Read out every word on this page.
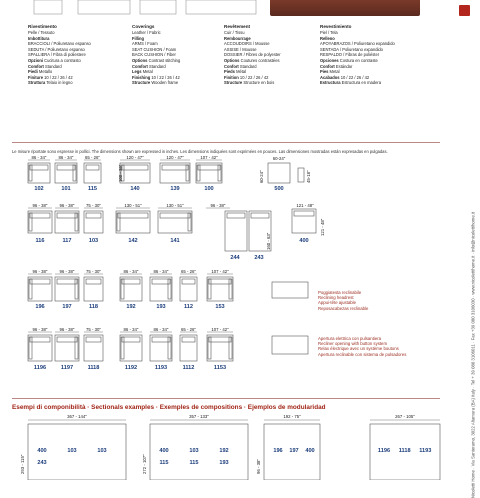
Rivestimento
Pelle / Tessuto
Imbottitura
BRACCIOLI / Poliuretano espanso
SEDUTA / Poliuretano espanso
SPALLIERA / Fibra di poliestere
Opzioni Cucitura a contrasto
Comfort Standard
Piedi Metallo
Finiture 10 / 22 / 26 / 42
Struttura Telaio in legno
Coverings
Leather / Fabric
Filling
ARMS / Foam
SEAT CUSHION / Foam
BACK CUSHION / Fiber
Options Contrast stitching
Comfort Standard
Legs Metal
Finishing 10 / 22 / 26 / 42
Structure Wooden frame
Revêtement
Cuir / Tissu
Rembourrage
ACCOUDOIRS / Mousse
ASSISE / Mousse
DOSSIER / Fibres de polyester
Options Coutures contrastées
Confort Standard
Pieds Métal
Finition 10 / 22 / 26 / 42
Structure Structure en bois
Revestimiento
Piel / Tela
Relleno
APOYABRAZOS / Poliuretano expandido
SENTADA / Poliuretano expandido
RESPALDO / Fibras de poliéster
Opciones Costura en contraste
Confort Estándar
Pies Metal
Acabados 10 / 22 / 26 / 42
Estructura Estructura en madera
Le misure riportate sono espresse in pollici. The dimensions shown are expressed in inches. Les dimensions indiquées sont exprimées en pouces. Las dimensiones mostradas están expresadas en pulgadas.
86 - 34"
102
86 - 34"
101
65 - 26"
115
120 - 47"
140
120 - 47"
139
107 - 42"
100
100 - 39"
60-24"
500
60-24"	45-18"
96 - 38"	96 - 38"	75 - 30"	130 - 51"	130 - 51"	96 - 38"	121 - 48"
160 - 63"
121 - 48"
116	117	103	142	141
244	243
400
96 - 38"
196
96 - 38"
197
75 - 30"
118
86 - 34"
192
86 - 34"
193
65 - 26"
112
107 - 42"
153
96 - 38"
1196
96 - 38"
1197
75 - 30"
1118
86 - 34"
1192
86 - 34"
1193
65 - 26"
1112
107 - 42"
1153
367 - 144"
293 - 115"
400	103	103
243
357 - 133"
272 - 107"
400	103	192
115	115	193
192 - 75"
96 - 38"
196	197	400
267 - 105"
1196	1118	1193
Poggiatesta reclinabile
Reclining headrest
Appui-tête ajustable
Reposacabezas reclinable
Apertura elettrica con pulsantiera
Recliner opening with button system
Relax électrique avec un système boutons
Apertura reclinable con sistema de pulsadores
Esempi di componibilità · Sectionals examples · Exemples de compositions · Ejemplos de modularidad	Nicoletti Home · Via Santeramo, 3022 Altamura (BA) Italy · Tel + 39 080 3106011 · Fax +39 080 3106030 · www.nicolettihome.it · info@nicolettihome.it
